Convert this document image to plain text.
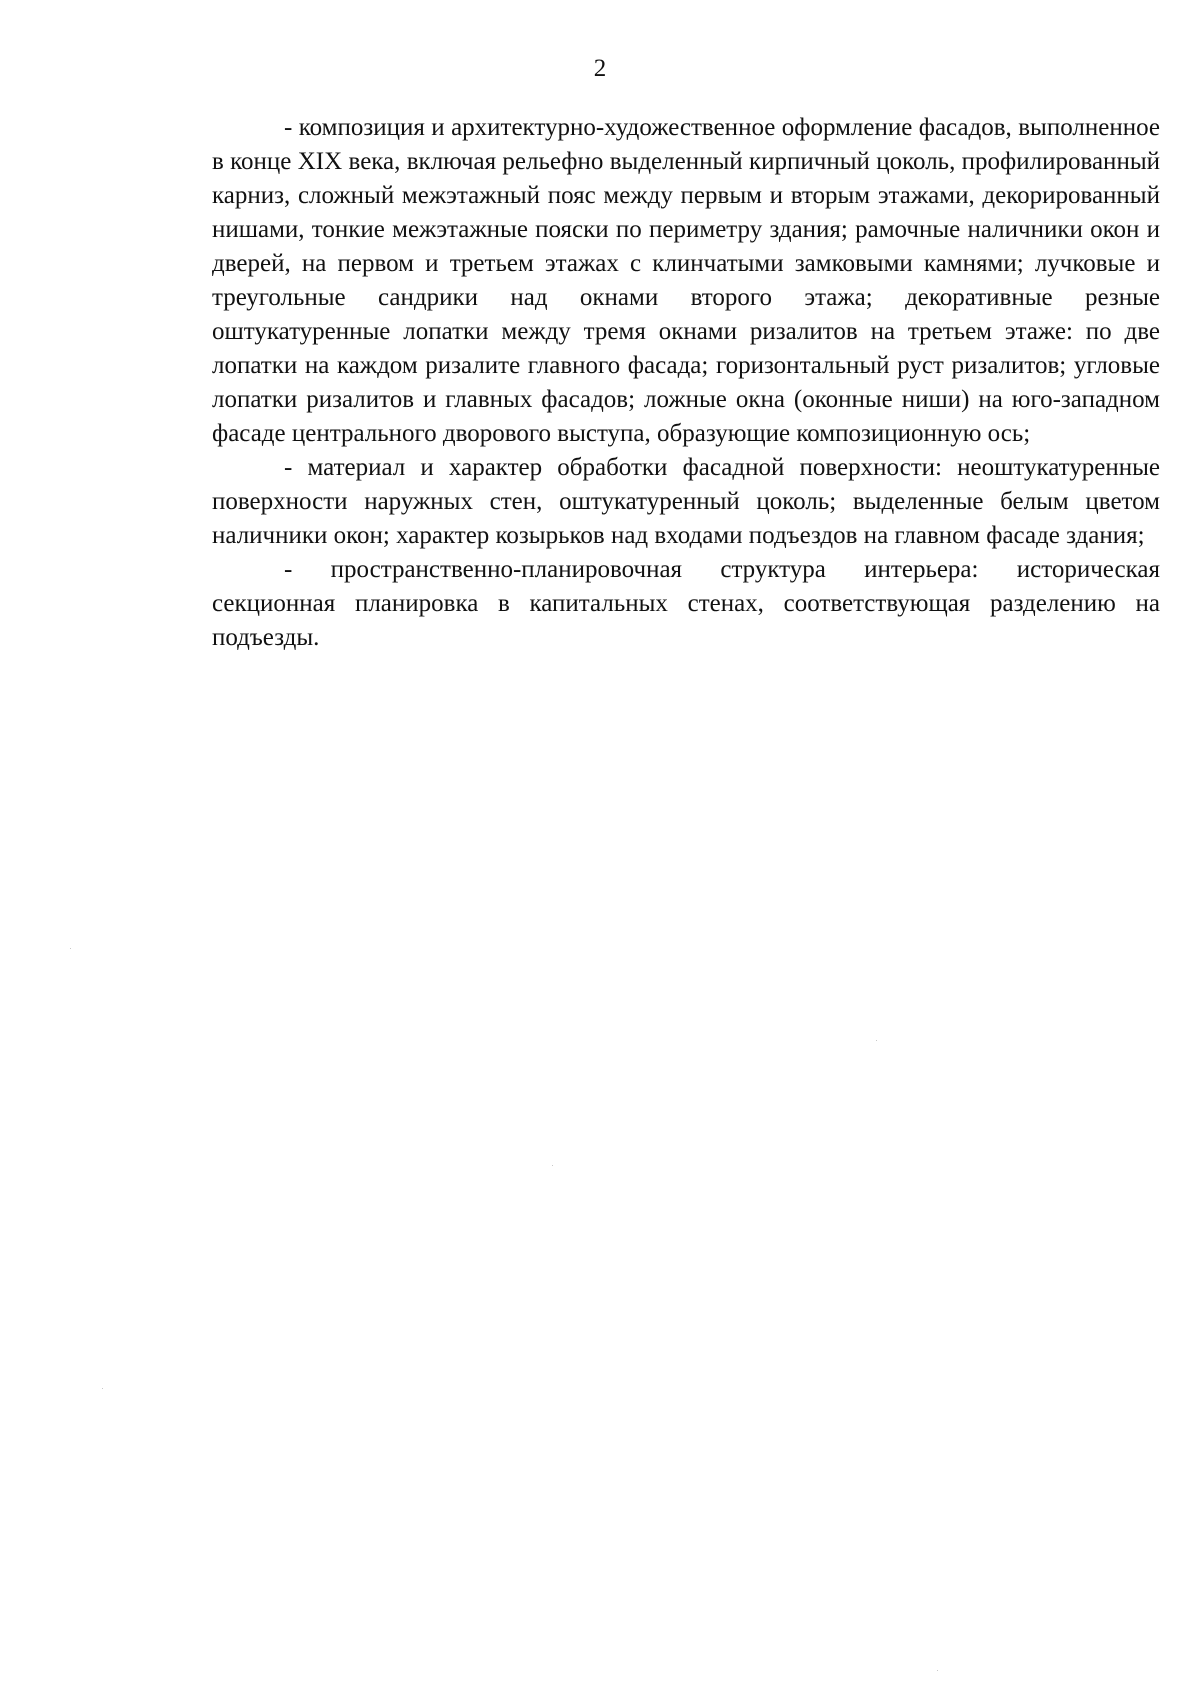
2

- композиция и архитектурно-художественное оформление фасадов, выполненное в конце XIX века, включая рельефно выделенный кирпичный цоколь, профилированный карниз, сложный межэтажный пояс между первым и вторым этажами, декорированный нишами, тонкие межэтажные пояски по периметру здания; рамочные наличники окон и дверей, на первом и третьем этажах с клинчатыми замковыми камнями; лучковые и треугольные сандрики над окнами второго этажа; декоративные резные оштукатуренные лопатки между тремя окнами ризалитов на третьем этаже: по две лопатки на каждом ризалите главного фасада; горизонтальный руст ризалитов; угловые лопатки ризалитов и главных фасадов; ложные окна (оконные ниши) на юго-западном фасаде центрального дворового выступа, образующие композиционную ось;

- материал и характер обработки фасадной поверхности: неоштукатуренные поверхности наружных стен, оштукатуренный цоколь; выделенные белым цветом наличники окон; характер козырьков над входами подъездов на главном фасаде здания;

- пространственно-планировочная структура интерьера: историческая секционная планировка в капитальных стенах, соответствующая разделению на подъезды.
